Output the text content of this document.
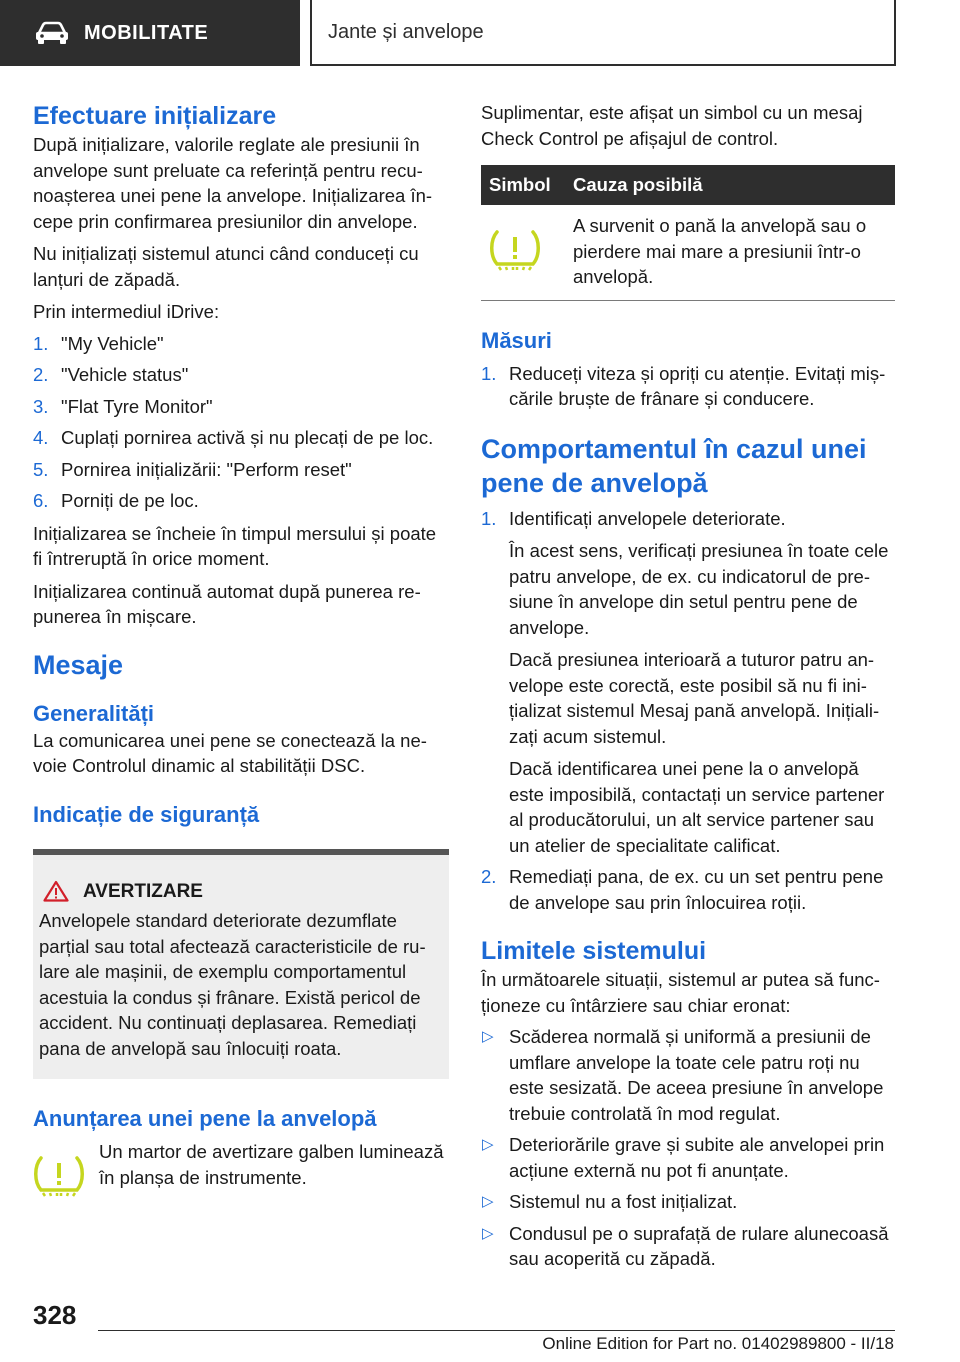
MOBILITATE	Jante și anvelope
Efectuare inițializare

După inițializare, valorile reglate ale presiunii în anvelope sunt preluate ca referință pentru recu-noașterea unei pene la anvelope. Inițializarea în-cepe prin confirmarea presiunilor din anvelope.

Nu inițializați sistemul atunci când conduceți cu lanțuri de zăpadă.

Prin intermediul iDrive:

1. "My Vehicle"
2. "Vehicle status"
3. "Flat Tyre Monitor"
4. Cuplați pornirea activă și nu plecați de pe loc.
5. Pornirea inițializării: "Perform reset"
6. Porniți de pe loc.

Inițializarea se încheie în timpul mersului și poate fi întreruptă în orice moment.

Inițializarea continuă automat după punerea re-punerea în mișcare.

Mesaje
Generalități

La comunicarea unei pene se conectează la ne-voie Controlul dinamic al stabilității DSC.

Indicație de siguranță
AVERTIZARE

Anvelopele standard deteriorate dezumflate parțial sau total afectează caracteristicile de ru-lare ale mașinii, de exemplu comportamentul acestuia la condus și frânare. Există pericol de accident. Nu continuați deplasarea. Remediați pana de anvelopă sau înlocuiți roata.

Anunțarea unei pene la anvelopă

Un martor de avertizare galben luminează în planșa de instrumente.

Suplimentar, este afișat un simbol cu un mesaj Check Control pe afișajul de control.

Simbol	Cauza posibilă
	A survenit o pană la anvelopă sau o pierdere mai mare a presiunii într-o anvelopă.
Măsuri
1. Reduceți viteza și opriți cu atenție. Evitați miș-cările bruște de frânare și conducere.
Comportamentul în cazul unei pene de anvelopă
1. Identificați anvelopele deteriorate.

În acest sens, verificați presiunea în toate cele patru anvelope, de ex. cu indicatorul de pre-siune în anvelope din setul pentru pene de anvelope.

Dacă presiunea interioară a tuturor patru an-velope este corectă, este posibil să nu fi ini-țializat sistemul Mesaj pană anvelopă. Inițiali-zați acum sistemul.

Dacă identificarea unei pene la o anvelopă este imposibilă, contactați un service partener al producătorului, un alt service partener sau un atelier de specialitate calificat.

2. Remediați pana, de ex. cu un set pentru pene de anvelope sau prin înlocuirea roții.
Limitele sistemului

În următoarele situații, sistemul ar putea să func-ționeze cu întârziere sau chiar eronat:

▷ Scăderea normală și uniformă a presiunii de umflare anvelope la toate cele patru roți nu este sesizată. De aceea presiune în anvelope trebuie controlată în mod regulat.
▷ Deteriorările grave și subite ale anvelopei prin acțiune externă nu pot fi anunțate.
▷ Sistemul nu a fost inițializat.
▷ Condusul pe o suprafață de rulare alunecoasă sau acoperită cu zăpadă.
328
Online Edition for Part no. 01402989800 - II/18
